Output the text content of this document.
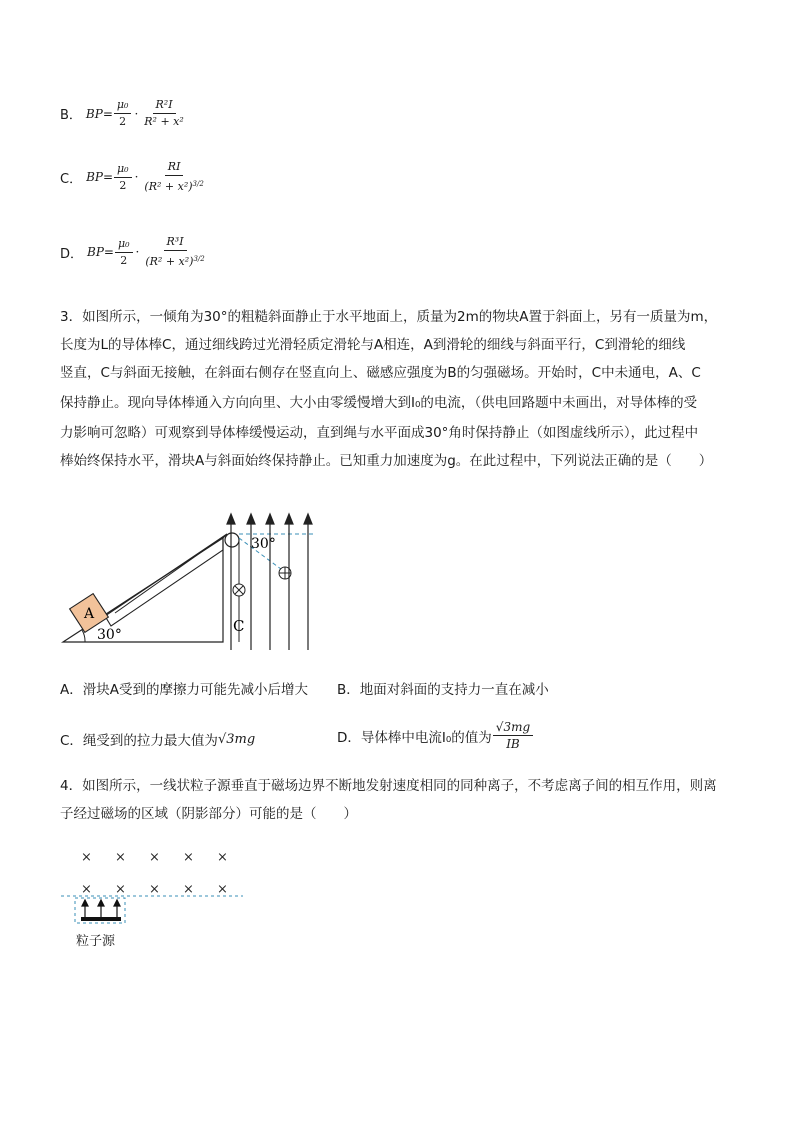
B． $BP= \frac{\text{μ₀}}{2} \cdot \frac{\text{R²I}}{\text{R² + x²}}$
C． $BP= \frac{\text{μ₀}}{2} \cdot \frac{RI}{(R^2 + x^2)^{3/2}}$
D． $BP= \frac{\text{μ₀}}{2} \cdot \frac{\text{R³I}}{(R^2 + x^2)^{3/2}}$
3．如图所示，一倾角为30°的粗糙斜面静止于水平地面上，质量为2m的物块A置于斜面上，另有一质量为m，
长度为L的导体棒C，通过细线跨过光滑轻质定滑轮与A相连，A到滑轮的细线与斜面平行，C到滑轮的细线
竖直，C与斜面无接触，在斜面右侧存在竖直向上、磁感应强度为B的匀强磁场。开始时，C中未通电，A、C
保持静止。现向导体棒通入方向向里、大小由零缓慢增大到I₀的电流，（供电回路题中未画出，对导体棒的受
力影响可忽略）可观察到导体棒缓慢运动，直到绳与水平面成30°角时保持静止（如图虚线所示），此过程中
棒始终保持水平，滑块A与斜面始终保持静止。已知重力加速度为g。在此过程中，下列说法正确的是（　　）
A
30°	C
30°
A．滑块A受到的摩擦力可能先减小后增大 B．地面对斜面的支持力一直在减小
C．绳受到的拉力最大值为 √3mg	D．导体棒中电流I₀的值为 $\frac{√3mg}{IB}$
4．如图所示，一线状粒子源垂直于磁场边界不断地发射速度相同的同种离子，不考虑离子间的相互作用，则离
子经过磁场的区域（阴影部分）可能的是（　　）
× × × × ×
× × × × ×
粒子源
